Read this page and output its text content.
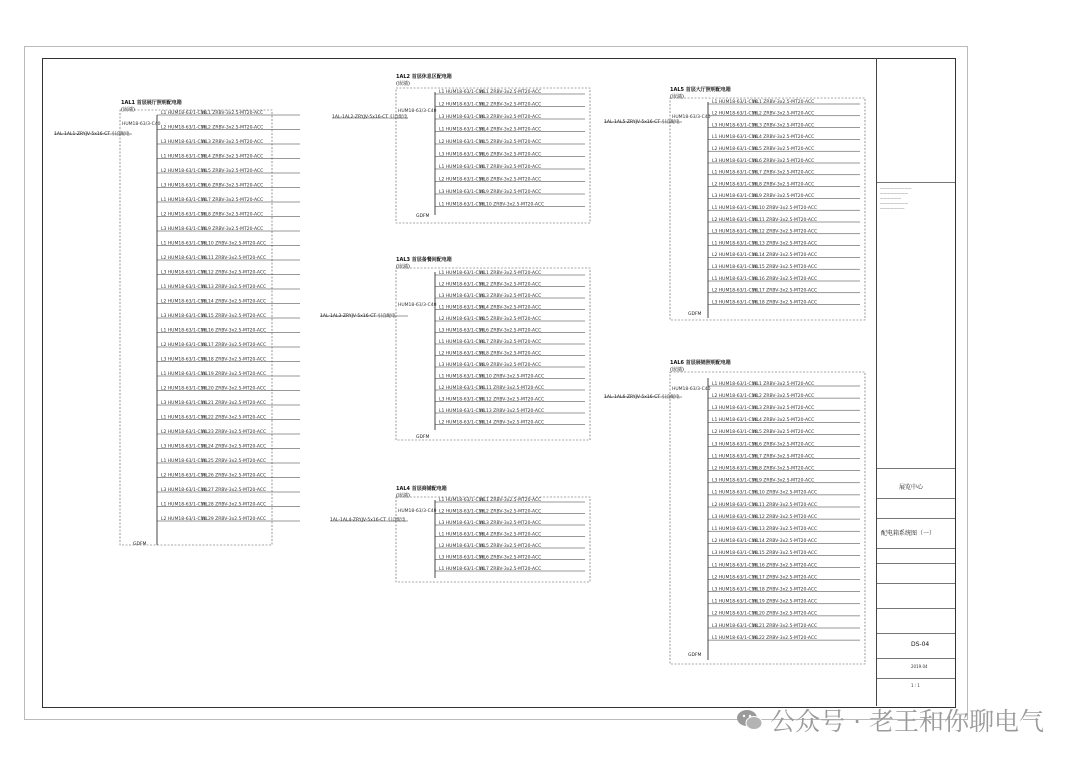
L1 HUM18-63/1-C16
WL1 ZRBV-3x2.5-MT20-ACC
L2 HUM18-63/1-C16
WL2 ZRBV-3x2.5-MT20-ACC
L3 HUM18-63/1-C16
WL3 ZRBV-3x2.5-MT20-ACC
L1 HUM18-63/1-C16
WL4 ZRBV-3x2.5-MT20-ACC
L2 HUM18-63/1-C16
WL5 ZRBV-3x2.5-MT20-ACC
L3 HUM18-63/1-C16
WL6 ZRBV-3x2.5-MT20-ACC
L1 HUM18-63/1-C16
WL7 ZRBV-3x2.5-MT20-ACC
L2 HUM18-63/1-C16
WL8 ZRBV-3x2.5-MT20-ACC
L3 HUM18-63/1-C16
WL9 ZRBV-3x2.5-MT20-ACC
L1 HUM18-63/1-C16
WL10 ZRBV-3x2.5-MT20-ACC
L2 HUM18-63/1-C16
WL11 ZRBV-3x2.5-MT20-ACC
L3 HUM18-63/1-C16
WL12 ZRBV-3x2.5-MT20-ACC
L1 HUM18-63/1-C16
WL13 ZRBV-3x2.5-MT20-ACC
L2 HUM18-63/1-C16
WL14 ZRBV-3x2.5-MT20-ACC
L3 HUM18-63/1-C16
WL15 ZRBV-3x2.5-MT20-ACC
L1 HUM18-63/1-C16
WL16 ZRBV-3x2.5-MT20-ACC
L2 HUM18-63/1-C16
WL17 ZRBV-3x2.5-MT20-ACC
L3 HUM18-63/1-C16
WL18 ZRBV-3x2.5-MT20-ACC
L1 HUM18-63/1-C16
WL19 ZRBV-3x2.5-MT20-ACC
L2 HUM18-63/1-C16
WL20 ZRBV-3x2.5-MT20-ACC
L3 HUM18-63/1-C16
WL21 ZRBV-3x2.5-MT20-ACC
L1 HUM18-63/1-C16
WL22 ZRBV-3x2.5-MT20-ACC
L2 HUM18-63/1-C16
WL23 ZRBV-3x2.5-MT20-ACC
L3 HUM18-63/1-C16
WL24 ZRBV-3x2.5-MT20-ACC
L1 HUM18-63/1-C16
WL25 ZRBV-3x2.5-MT20-ACC
L2 HUM18-63/1-C16
WL26 ZRBV-3x2.5-MT20-ACC
L3 HUM18-63/1-C16
WL27 ZRBV-3x2.5-MT20-ACC
L1 HUM18-63/1-C16
WL28 ZRBV-3x2.5-MT20-ACC
L2 HUM18-63/1-C16
WL29 ZRBV-3x2.5-MT20-ACC
L1 HUM18-63/1-C16
WL1 ZRBV-3x2.5-MT20-ACC
L2 HUM18-63/1-C16
WL2 ZRBV-3x2.5-MT20-ACC
L3 HUM18-63/1-C16
WL3 ZRBV-3x2.5-MT20-ACC
L1 HUM18-63/1-C16
WL4 ZRBV-3x2.5-MT20-ACC
L2 HUM18-63/1-C16
WL5 ZRBV-3x2.5-MT20-ACC
L3 HUM18-63/1-C16
WL6 ZRBV-3x2.5-MT20-ACC
L1 HUM18-63/1-C16
WL7 ZRBV-3x2.5-MT20-ACC
L2 HUM18-63/1-C16
WL8 ZRBV-3x2.5-MT20-ACC
L3 HUM18-63/1-C16
WL9 ZRBV-3x2.5-MT20-ACC
L1 HUM18-63/1-C16
WL10 ZRBV-3x2.5-MT20-ACC
L1 HUM18-63/1-C16
WL1 ZRBV-3x2.5-MT20-ACC
L2 HUM18-63/1-C16
WL2 ZRBV-3x2.5-MT20-ACC
L3 HUM18-63/1-C16
WL3 ZRBV-3x2.5-MT20-ACC
L1 HUM18-63/1-C16
WL4 ZRBV-3x2.5-MT20-ACC
L2 HUM18-63/1-C16
WL5 ZRBV-3x2.5-MT20-ACC
L3 HUM18-63/1-C16
WL6 ZRBV-3x2.5-MT20-ACC
L1 HUM18-63/1-C16
WL7 ZRBV-3x2.5-MT20-ACC
L2 HUM18-63/1-C16
WL8 ZRBV-3x2.5-MT20-ACC
L3 HUM18-63/1-C16
WL9 ZRBV-3x2.5-MT20-ACC
L1 HUM18-63/1-C16
WL10 ZRBV-3x2.5-MT20-ACC
L2 HUM18-63/1-C16
WL11 ZRBV-3x2.5-MT20-ACC
L3 HUM18-63/1-C16
WL12 ZRBV-3x2.5-MT20-ACC
L1 HUM18-63/1-C16
WL13 ZRBV-3x2.5-MT20-ACC
L2 HUM18-63/1-C16
WL14 ZRBV-3x2.5-MT20-ACC
L1 HUM18-63/1-C16
WL1 ZRBV-3x2.5-MT20-ACC
L2 HUM18-63/1-C16
WL2 ZRBV-3x2.5-MT20-ACC
L3 HUM18-63/1-C16
WL3 ZRBV-3x2.5-MT20-ACC
L1 HUM18-63/1-C16
WL4 ZRBV-3x2.5-MT20-ACC
L2 HUM18-63/1-C16
WL5 ZRBV-3x2.5-MT20-ACC
L3 HUM18-63/1-C16
WL6 ZRBV-3x2.5-MT20-ACC
L1 HUM18-63/1-C16
WL7 ZRBV-3x2.5-MT20-ACC
L1 HUM18-63/1-C16
WL1 ZRBV-3x2.5-MT20-ACC
L2 HUM18-63/1-C16
WL2 ZRBV-3x2.5-MT20-ACC
L3 HUM18-63/1-C16
WL3 ZRBV-3x2.5-MT20-ACC
L1 HUM18-63/1-C16
WL4 ZRBV-3x2.5-MT20-ACC
L2 HUM18-63/1-C16
WL5 ZRBV-3x2.5-MT20-ACC
L3 HUM18-63/1-C16
WL6 ZRBV-3x2.5-MT20-ACC
L1 HUM18-63/1-C16
WL7 ZRBV-3x2.5-MT20-ACC
L2 HUM18-63/1-C16
WL8 ZRBV-3x2.5-MT20-ACC
L3 HUM18-63/1-C16
WL9 ZRBV-3x2.5-MT20-ACC
L1 HUM18-63/1-C16
WL10 ZRBV-3x2.5-MT20-ACC
L2 HUM18-63/1-C16
WL11 ZRBV-3x2.5-MT20-ACC
L3 HUM18-63/1-C16
WL12 ZRBV-3x2.5-MT20-ACC
L1 HUM18-63/1-C16
WL13 ZRBV-3x2.5-MT20-ACC
L2 HUM18-63/1-C16
WL14 ZRBV-3x2.5-MT20-ACC
L3 HUM18-63/1-C16
WL15 ZRBV-3x2.5-MT20-ACC
L1 HUM18-63/1-C16
WL16 ZRBV-3x2.5-MT20-ACC
L2 HUM18-63/1-C16
WL17 ZRBV-3x2.5-MT20-ACC
L3 HUM18-63/1-C16
WL18 ZRBV-3x2.5-MT20-ACC
L1 HUM18-63/1-C16
WL1 ZRBV-3x2.5-MT20-ACC
L2 HUM18-63/1-C16
WL2 ZRBV-3x2.5-MT20-ACC
L3 HUM18-63/1-C16
WL3 ZRBV-3x2.5-MT20-ACC
L1 HUM18-63/1-C16
WL4 ZRBV-3x2.5-MT20-ACC
L2 HUM18-63/1-C16
WL5 ZRBV-3x2.5-MT20-ACC
L3 HUM18-63/1-C16
WL6 ZRBV-3x2.5-MT20-ACC
L1 HUM18-63/1-C16
WL7 ZRBV-3x2.5-MT20-ACC
L2 HUM18-63/1-C16
WL8 ZRBV-3x2.5-MT20-ACC
L3 HUM18-63/1-C16
WL9 ZRBV-3x2.5-MT20-ACC
L1 HUM18-63/1-C16
WL10 ZRBV-3x2.5-MT20-ACC
L2 HUM18-63/1-C16
WL11 ZRBV-3x2.5-MT20-ACC
L3 HUM18-63/1-C16
WL12 ZRBV-3x2.5-MT20-ACC
L1 HUM18-63/1-C16
WL13 ZRBV-3x2.5-MT20-ACC
L2 HUM18-63/1-C16
WL14 ZRBV-3x2.5-MT20-ACC
L3 HUM18-63/1-C16
WL15 ZRBV-3x2.5-MT20-ACC
L1 HUM18-63/1-C16
WL16 ZRBV-3x2.5-MT20-ACC
L2 HUM18-63/1-C16
WL17 ZRBV-3x2.5-MT20-ACC
L3 HUM18-63/1-C16
WL18 ZRBV-3x2.5-MT20-ACC
L1 HUM18-63/1-C16
WL19 ZRBV-3x2.5-MT20-ACC
L2 HUM18-63/1-C16
WL20 ZRBV-3x2.5-MT20-ACC
L3 HUM18-63/1-C16
WL21 ZRBV-3x2.5-MT20-ACC
L1 HUM18-63/1-C16
WL22 ZRBV-3x2.5-MT20-ACC
HUM18-63/3-C40
HUM18-63/3-C40
HUM18-63/3-C40
HUM18-63/3-C40
HUM18-63/3-C40
HUM18-63/3-C40
1AL1 首层展厅照明配电箱
(嵌墙)
1AL-1AL1-ZRYJV-5x16-CT 引自配电
GDFM
1AL2 首层休息区配电箱
(嵌墙)
1AL-1AL2-ZRYJV-5x16-CT 引自配电
GDFM
1AL3 首层备餐间配电箱
(嵌墙)
1AL-1AL3-ZRYJV-5x16-CT 引自配电
GDFM
1AL4 首层商铺配电箱
(嵌墙)
1AL-1AL4-ZRYJV-5x16-CT 引自配电
1AL5 首层大厅照明配电箱
(嵌墙)
1AL-1AL5-ZRYJV-5x16-CT 引自配电
GDFM
1AL6 首层展销照明配电箱
(嵌墙)
1AL-1AL6-ZRYJV-5x16-CT 引自配电
GDFM
展览中心
配电箱系统图（一）
DS-04
2019.04
1 : 1
—————————
————————
——————
————————
———————
公众号 · 老王和你聊电气
